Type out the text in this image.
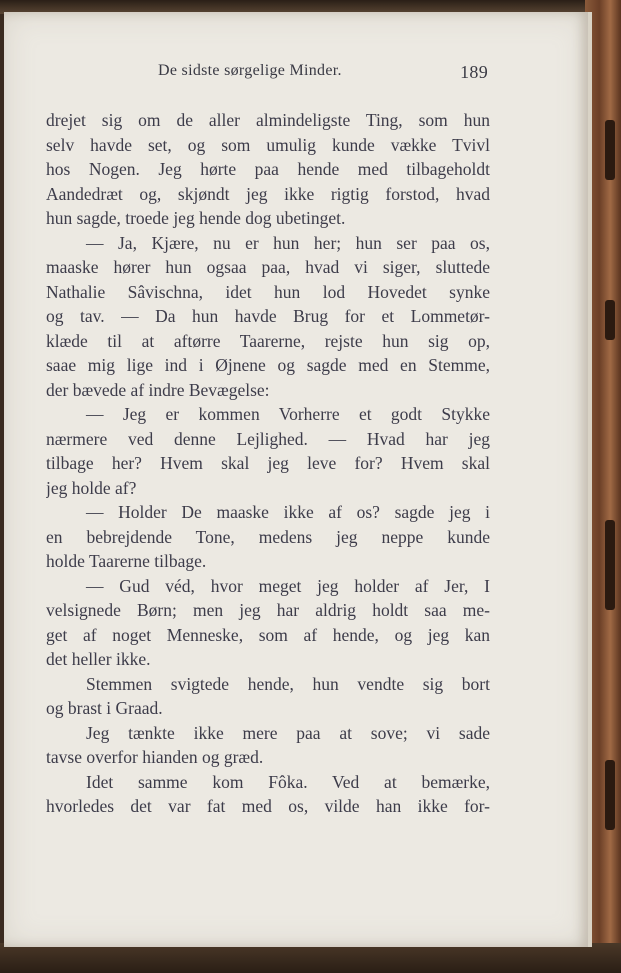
De sidste sørgelige Minder.	189
drejet sig om de aller almindeligste Ting, som hun
selv havde set, og som umulig kunde vække Tvivl
hos Nogen. Jeg hørte paa hende med tilbageholdt
Aandedræt og, skjøndt jeg ikke rigtig forstod, hvad
hun sagde, troede jeg hende dog ubetinget.
— Ja, Kjære, nu er hun her; hun ser paa os,
maaske hører hun ogsaa paa, hvad vi siger, sluttede
Nathalie Sâvischna, idet hun lod Hovedet synke
og tav. — Da hun havde Brug for et Lommetør-
klæde til at aftørre Taarerne, rejste hun sig op,
saae mig lige ind i Øjnene og sagde med en Stemme,
der bævede af indre Bevægelse:
— Jeg er kommen Vorherre et godt Stykke
nærmere ved denne Lejlighed. — Hvad har jeg
tilbage her? Hvem skal jeg leve for? Hvem skal
jeg holde af?
— Holder De maaske ikke af os? sagde jeg i
en bebrejdende Tone, medens jeg neppe kunde
holde Taarerne tilbage.
— Gud véd, hvor meget jeg holder af Jer, I
velsignede Børn; men jeg har aldrig holdt saa me-
get af noget Menneske, som af hende, og jeg kan
det heller ikke.
Stemmen svigtede hende, hun vendte sig bort
og brast i Graad.
Jeg tænkte ikke mere paa at sove; vi sade
tavse overfor hianden og græd.
Idet samme kom Fôka. Ved at bemærke,
hvorledes det var fat med os, vilde han ikke for-
